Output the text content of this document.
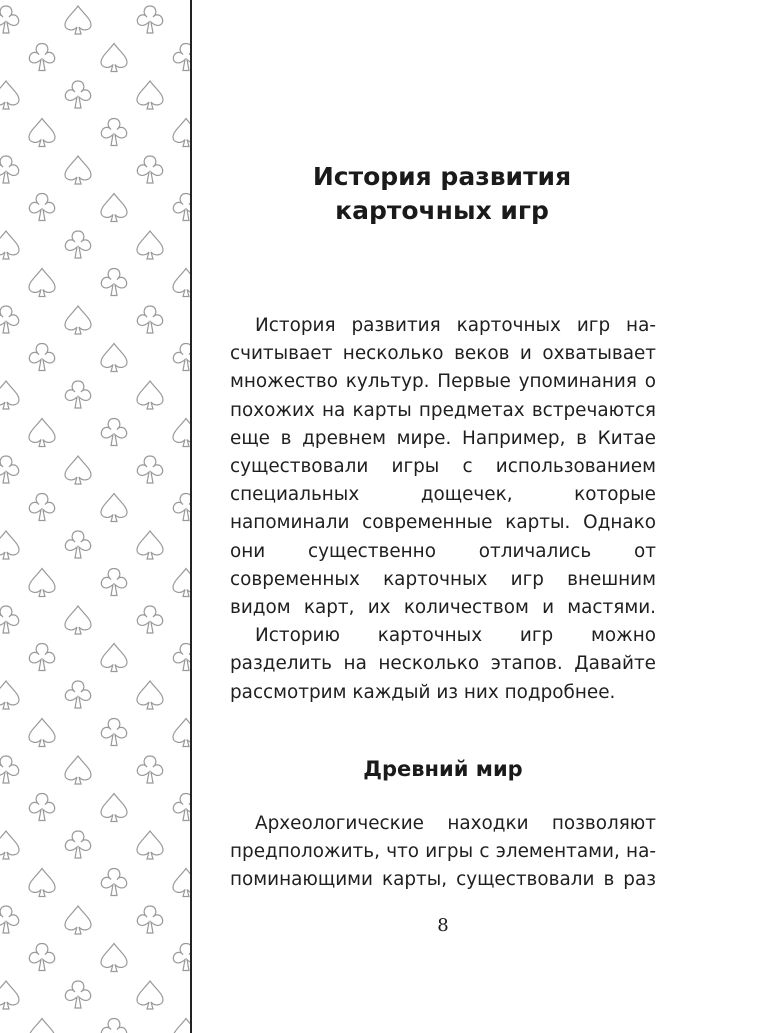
История развития карточных игр

История развития карточных игр насчитывает несколько веков и охватывает множество культур. Первые упоминания о похожих на карты предметах встречаются еще в древнем мире. Например, в Китае существовали игры с использованием специальных дощечек, которые напоминали современные карты. Однако они существенно отличались от современных карточных игр внешним видом карт, их количеством и мастями.

Историю карточных игр можно разделить на несколько этапов. Давайте рассмотрим каждый из них подробнее.

Древний мир

Археологические находки позволяют предположить, что игры с элементами, напоминающими карты, существовали в раз

8
